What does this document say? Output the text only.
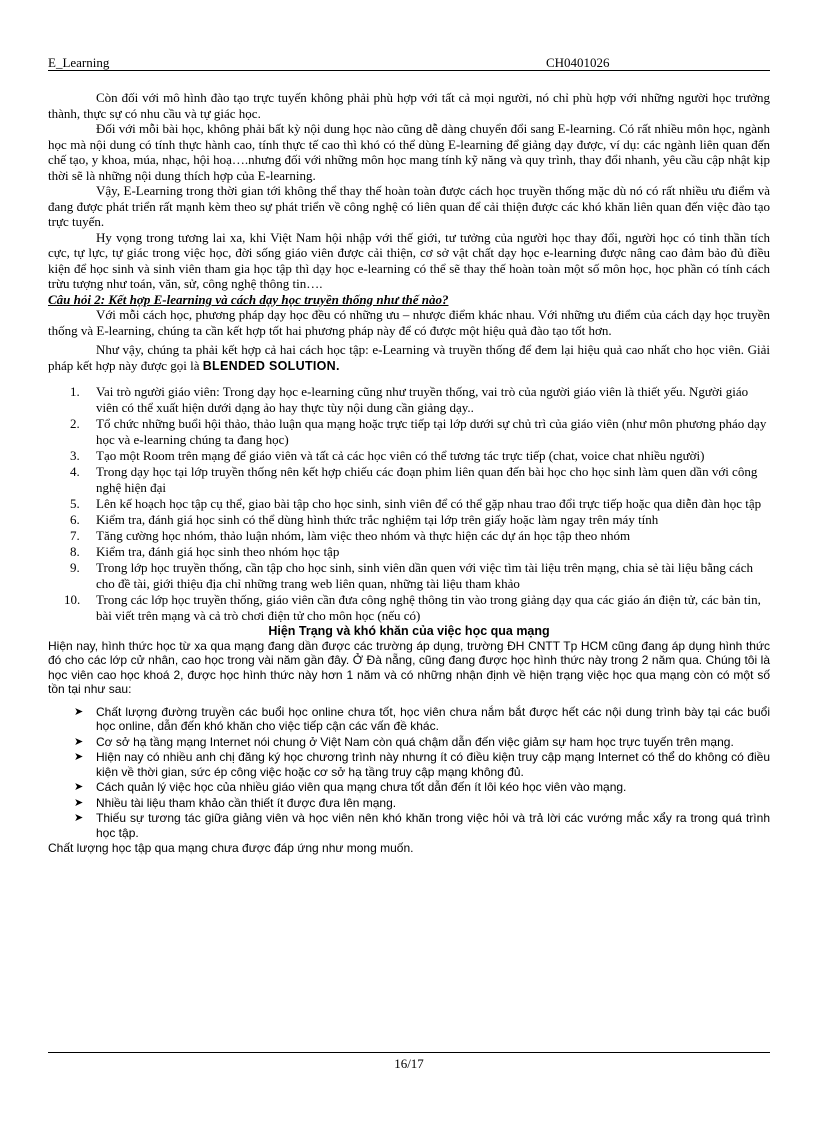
E_Learning	CH0401026

Còn đối với mô hình đào tạo trực tuyến không phải phù hợp với tất cả mọi người, nó chỉ phù hợp với những người học trưởng thành, thực sự có nhu cầu và tự giác học.

Đối với mỗi bài học, không phải bất kỳ nội dung học nào cũng dễ dàng chuyển đổi sang E-learning. Có rất nhiều môn học, ngành học mà nội dung có tính thực hành cao, tính thực tế cao thì khó có thể dùng E-learning để giảng dạy được, ví dụ: các ngành liên quan đến chế tạo, y khoa, múa, nhạc, hội hoạ….nhưng đối với những môn học mang tính kỹ năng và quy trình, thay đổi nhanh, yêu cầu cập nhật kịp thời sẽ là những nội dung thích hợp của E-learning.

Vậy, E-Learning trong thời gian tới không thể thay thế hoàn toàn được cách học truyền thống mặc dù nó có rất nhiều ưu điểm và đang được phát triển rất mạnh kèm theo sự phát triển về công nghệ có liên quan để cải thiện được các khó khăn liên quan đến việc đào tạo trực tuyến.

Hy vọng trong tương lai xa, khi Việt Nam hội nhập với thế giới, tư tưởng của người học thay đổi, người học có tinh thần tích cực, tự lực, tự giác trong việc học, đời sống giáo viên được cải thiện, cơ sở vật chất dạy học e-learning được nâng cao đảm bảo đủ điều kiện để học sinh và sinh viên tham gia học tập thì dạy học e-learning có thể sẽ thay thế hoàn toàn một số môn học, học phần có tính cách trừu tượng như toán, văn, sử, công nghệ thông tin….

Câu hỏi 2: Kết hợp E-learning và cách dạy học truyền thống như thế nào?

Với mỗi cách học, phương pháp dạy học đều có những ưu – nhược điểm khác nhau. Với những ưu điểm của cách dạy học truyền thống và E-learning, chúng ta cần kết hợp tốt hai phương pháp này để có được một hiệu quả đào tạo tốt hơn.

Như vậy, chúng ta phải kết hợp cả hai cách học tập: e-Learning và truyền thống để đem lại hiệu quả cao nhất cho học viên. Giải pháp kết hợp này được gọi là BLENDED SOLUTION.

1. Vai trò người giáo viên: Trong dạy học e-learning cũng như truyền thống, vai trò của người giáo viên là thiết yếu. Người giáo viên có thể xuất hiện dưới dạng ảo hay thực tùy nội dung cần giảng dạy..
2. Tổ chức những buổi hội thảo, thảo luận qua mạng hoặc trực tiếp tại lớp dưới sự chủ trì của giáo viên (như môn phương pháo dạy học và e-learning chúng ta đang học)
3. Tạo một Room trên mạng để giáo viên và tất cả các học viên có thể tương tác trực tiếp (chat, voice chat nhiều người)
4. Trong dạy học tại lớp truyền thống nên kết hợp chiếu các đoạn phim liên quan đến bài học cho học sinh làm quen dần với công nghệ hiện đại
5. Lên kế hoạch học tập cụ thể, giao bài tập cho học sinh, sinh viên để có thể gặp nhau trao đổi trực tiếp hoặc qua diễn đàn học tập
6. Kiểm tra, đánh giá học sinh có thể dùng hình thức trắc nghiệm tại lớp trên giấy hoặc làm ngay trên máy tính
7. Tăng cường học nhóm, thảo luận nhóm, làm việc theo nhóm và thực hiện các dự án học tập theo nhóm
8. Kiểm tra, đánh giá học sinh theo nhóm học tập
9. Trong lớp học truyền thống, cần tập cho học sinh, sinh viên dần quen với việc tìm tài liệu trên mạng, chia sẻ tài liệu bằng cách cho đề tài, giới thiệu địa chỉ những trang web liên quan, những tài liệu tham khảo
10. Trong các lớp học truyền thống, giáo viên cần đưa công nghệ thông tin vào trong giảng dạy qua các giáo án điện tử, các bản tin, bài viết trên mạng và cả trò chơi điện tử cho môn học (nếu có)

Hiện Trạng và khó khăn của việc học qua mạng

Hiện nay, hình thức học từ xa qua mạng đang dần được các trường áp dụng, trường ĐH CNTT Tp HCM cũng đang áp dụng hình thức đó cho các lớp cử nhân, cao học trong vài năm gần đây. Ở Đà nẵng, cũng đang được học hình thức này trong 2 năm qua. Chúng tôi là học viên cao học khoá 2, được học hình thức này hơn 1 năm và có những nhận định về hiện trạng việc học qua mạng còn có một số tồn tại như sau:

➤ Chất lượng đường truyền các buổi học online chưa tốt, học viên chưa nắm bắt được hết các nội dung trình bày tại các buổi học online, dẫn đến khó khăn cho việc tiếp cận các vấn đề khác.
➤ Cơ sở hạ tầng mạng Internet nói chung ở Việt Nam còn quá chậm dẫn đến việc giảm sự ham học trực tuyến trên mạng.
➤ Hiện nay có nhiều anh chị đăng ký học chương trình này nhưng ít có điều kiện truy cập mạng Internet có thể do không có điều kiện về thời gian, sức ép công việc hoặc cơ sở hạ tầng truy cập mạng không đủ.
➤ Cách quản lý việc học của nhiều giáo viên qua mạng chưa tốt dẫn đến ít lôi kéo học viên vào mạng.
➤ Nhiều tài liệu tham khảo cần thiết ít được đưa lên mạng.
➤ Thiếu sự tương tác giữa giảng viên và học viên nên khó khăn trong việc hỏi và trả lời các vướng mắc xẩy ra trong quá trình học tập.

Chất lượng học tập qua mạng chưa được đáp ứng như mong muốn.

16/17
